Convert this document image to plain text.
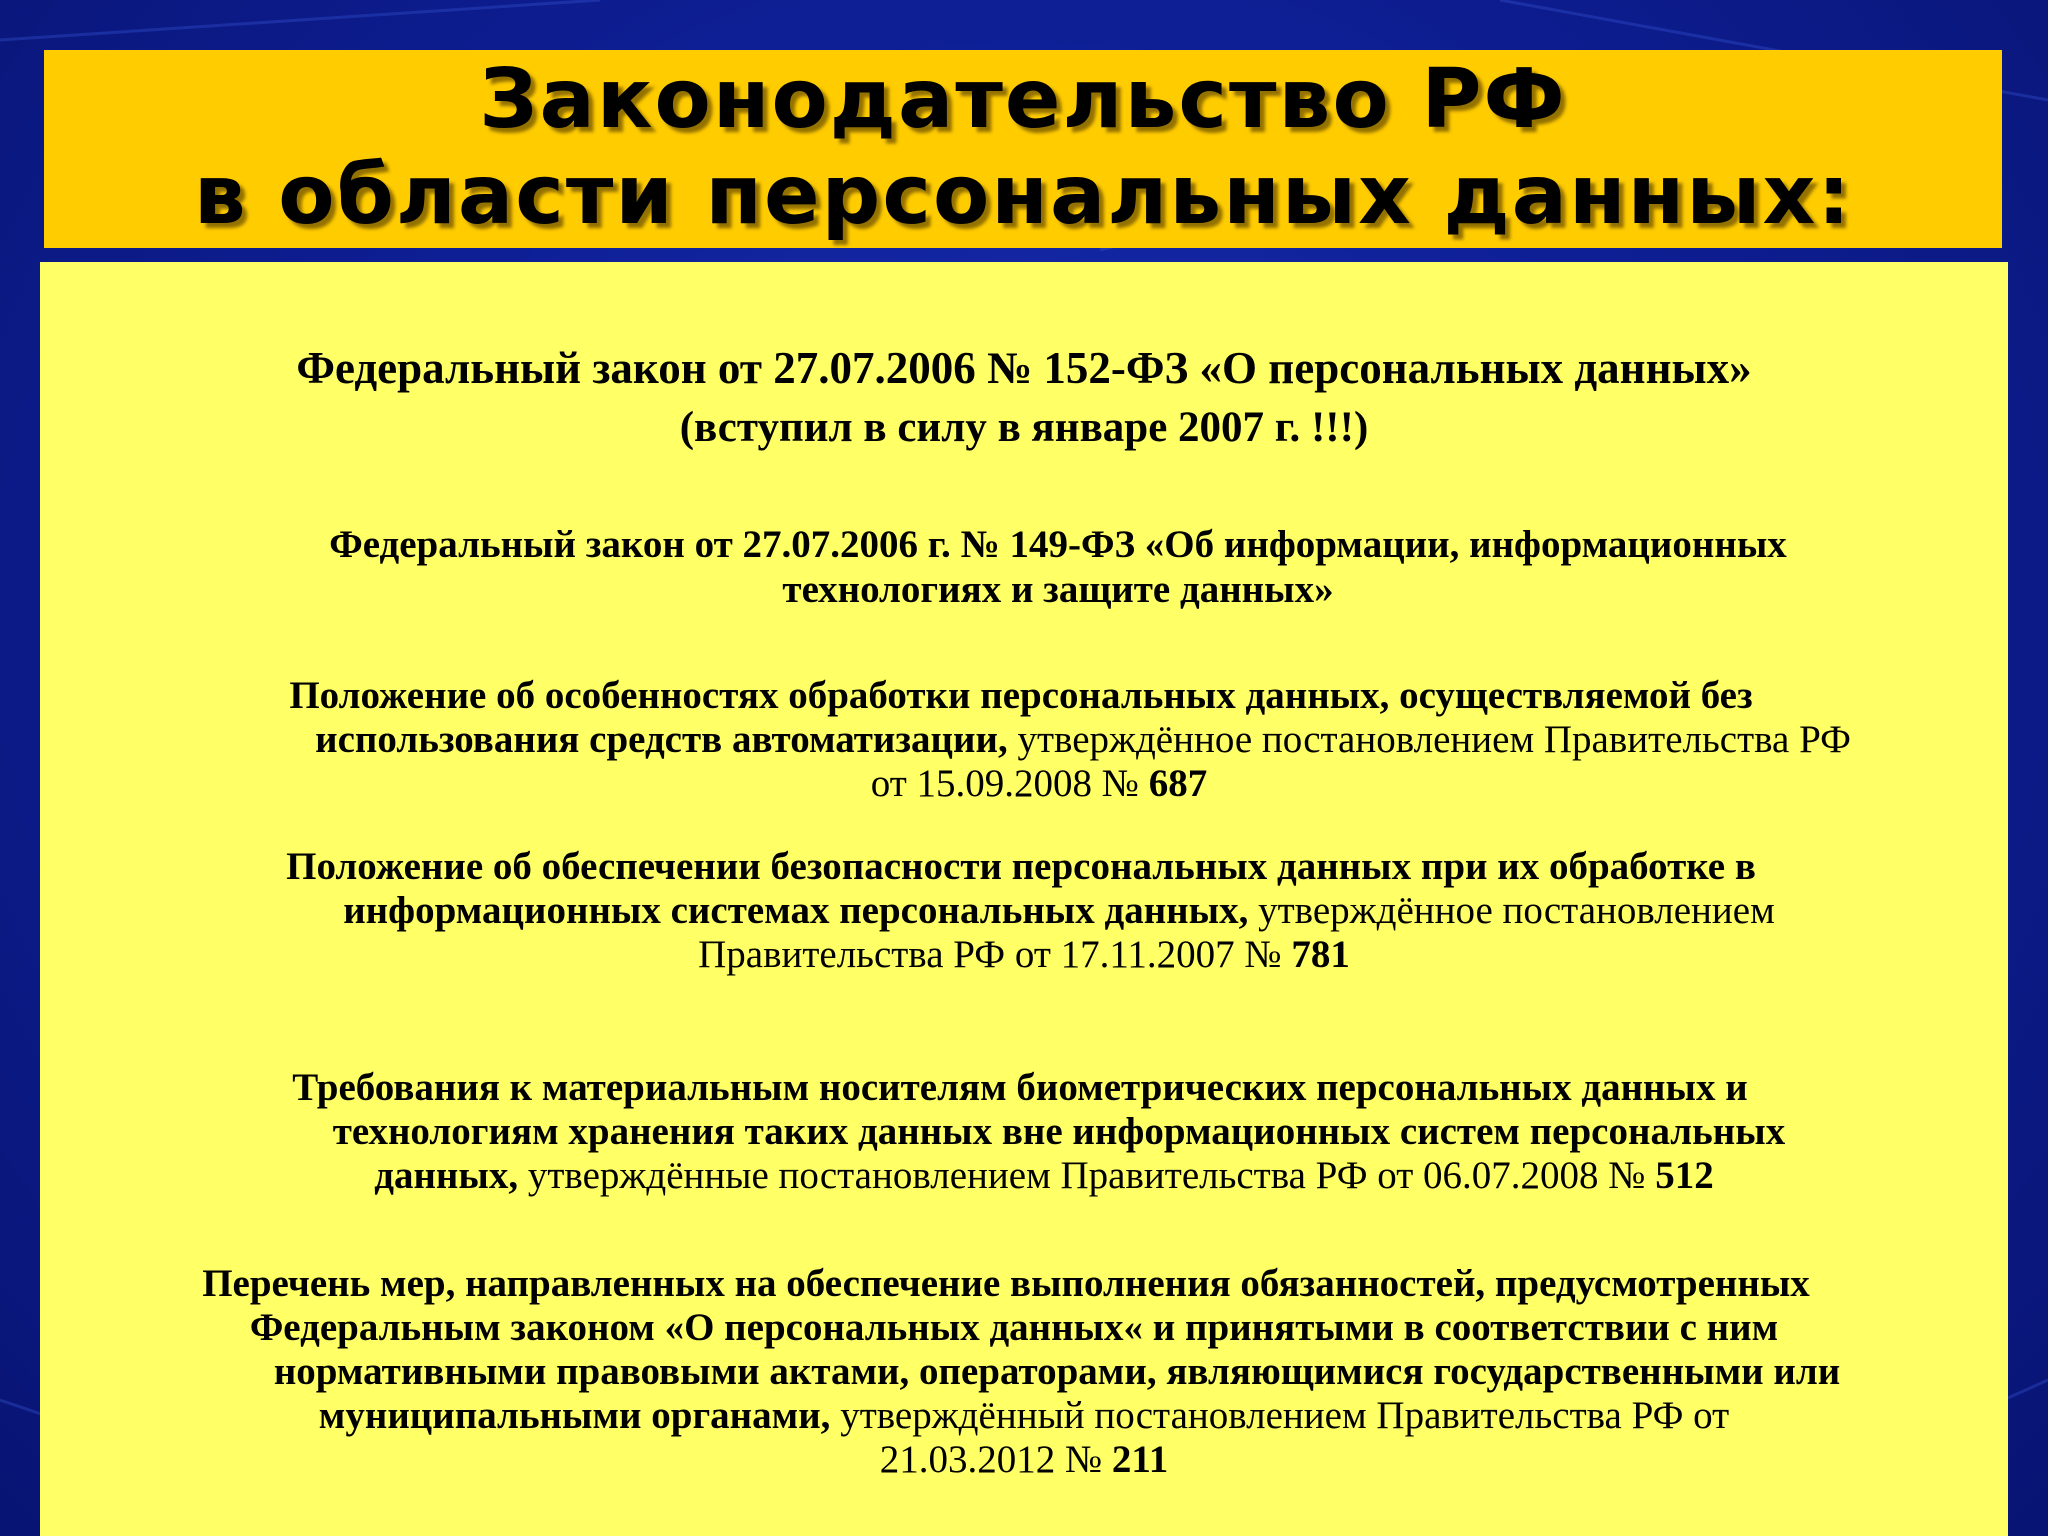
Законодательство РФ
в области персональных данных:
Федеральный закон от 27.07.2006 № 152-ФЗ «О персональных данных»
(вступил в силу в январе 2007 г. !!!)
Федеральный закон от 27.07.2006 г. № 149-ФЗ «Об информации, информационных
технологиях и защите данных»
Положение об особенностях обработки персональных данных, осуществляемой без
использования средств автоматизации, утверждённое постановлением Правительства РФ
от 15.09.2008 № 687
Положение об обеспечении безопасности персональных данных при их обработке в
информационных системах персональных данных, утверждённое постановлением
Правительства РФ от 17.11.2007 № 781
Требования к материальным носителям биометрических персональных данных и
технологиям хранения таких данных вне информационных систем персональных
данных, утверждённые постановлением Правительства РФ от 06.07.2008 № 512
Перечень мер, направленных на обеспечение выполнения обязанностей, предусмотренных
Федеральным законом «О персональных данных« и принятыми в соответствии с ним
нормативными правовыми актами, операторами, являющимися государственными или
муниципальными органами, утверждённый постановлением Правительства РФ от
21.03.2012 № 211
